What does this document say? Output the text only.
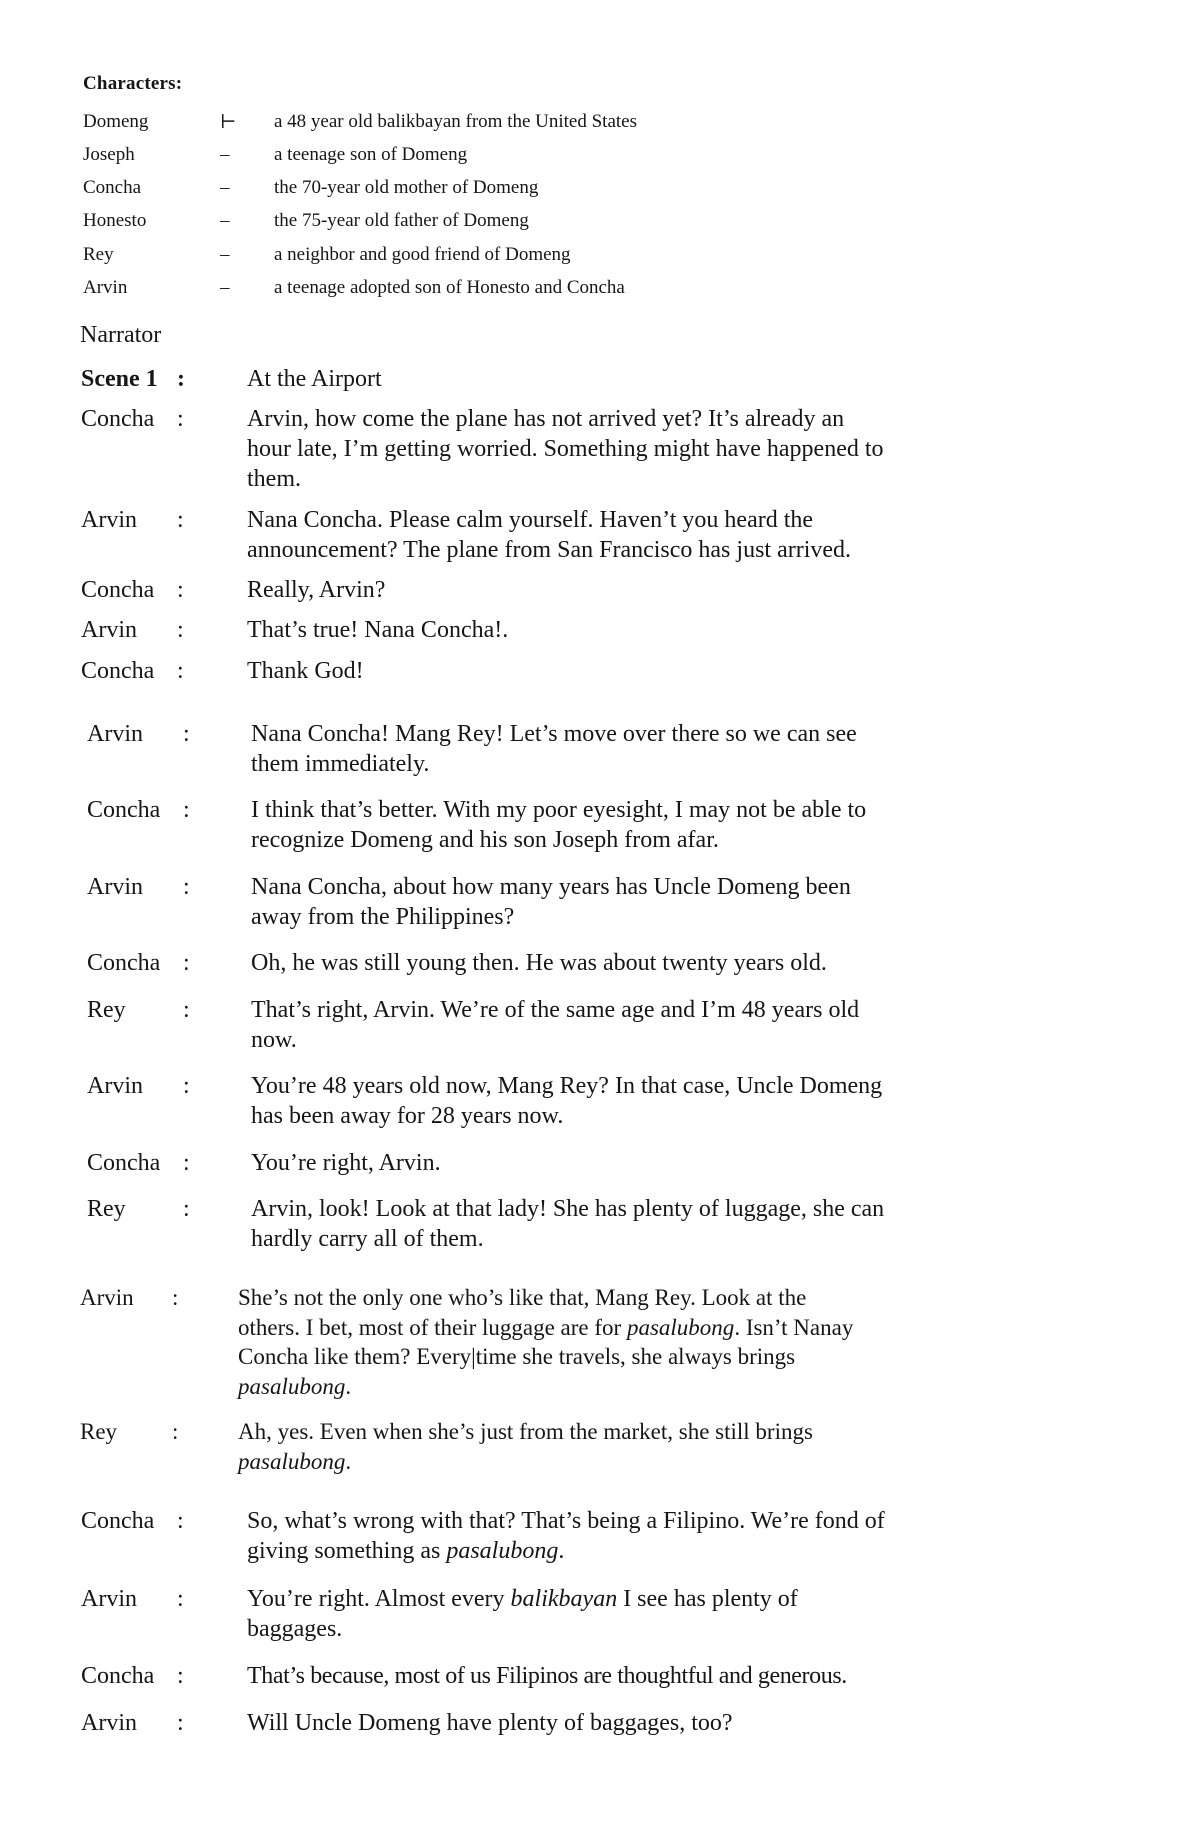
Characters:
Domeng	⊢ a 48 year old balikbayan from the United States
Joseph	– a teenage son of Domeng
Concha	– the 70-year old mother of Domeng
Honesto	– the 75-year old father of Domeng
Rey	– a neighbor and good friend of Domeng
Arvin	– a teenage adopted son of Honesto and Concha
Narrator
Scene 1 :	At the Airport
Concha :	Arvin, how come the plane has not arrived yet? It’s already an hour late, I’m getting worried. Something might have happened to them.
Arvin :	Nana Concha. Please calm yourself. Haven’t you heard the announcement? The plane from San Francisco has just arrived.
Concha :	Really, Arvin?
Arvin :	That’s true! Nana Concha!.
Concha :	Thank God!
Arvin :	Nana Concha! Mang Rey! Let’s move over there so we can see them immediately.
Concha :	I think that’s better. With my poor eyesight, I may not be able to recognize Domeng and his son Joseph from afar.
Arvin :	Nana Concha, about how many years has Uncle Domeng been away from the Philippines?
Concha :	Oh, he was still young then. He was about twenty years old.
Rey :	That’s right, Arvin. We’re of the same age and I’m 48 years old now.
Arvin :	You’re 48 years old now, Mang Rey? In that case, Uncle Domeng has been away for 28 years now.
Concha :	You’re right, Arvin.
Rey :	Arvin, look! Look at that lady! She has plenty of luggage, she can hardly carry all of them.
Arvin :	She’s not the only one who’s like that, Mang Rey. Look at the others. I bet, most of their luggage are for pasalubong. Isn’t Nanay Concha like them? Every|time she travels, she always brings pasalubong.
Rey :	Ah, yes. Even when she’s just from the market, she still brings pasalubong.
Concha :	So, what’s wrong with that? That’s being a Filipino. We’re fond of giving something as pasalubong.
Arvin :	You’re right. Almost every balikbayan I see has plenty of baggages.
Concha :	That’s because, most of us Filipinos are thoughtful and generous.
Arvin :	Will Uncle Domeng have plenty of baggages, too?
